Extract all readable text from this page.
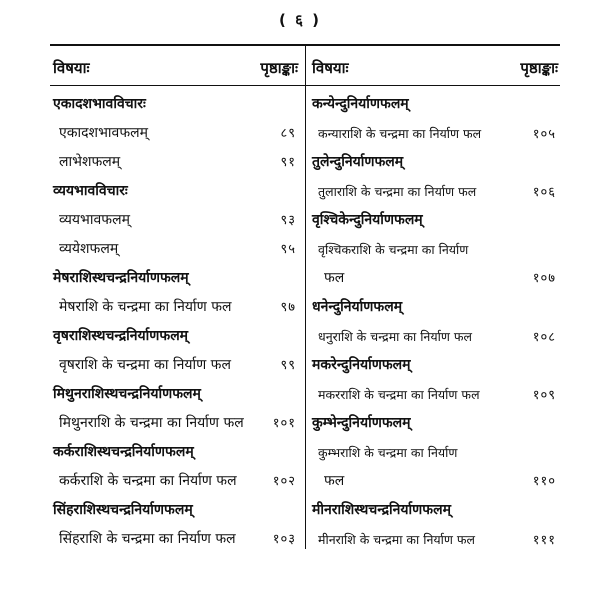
( ६ )
विषयाः	पृष्ठाङ्काः
एकादशभावविचारः
एकादशभावफलम्	८९
लाभेशफलम्	९१
व्ययभावविचारः
व्ययभावफलम्	९३
व्ययेशफलम्	९५
मेषराशिस्थचन्द्रनिर्याणफलम्
मेषराशि के चन्द्रमा का निर्याण फल	९७
वृषराशिस्थचन्द्रनिर्याणफलम्
वृषराशि के चन्द्रमा का निर्याण फल	९९
मिथुनराशिस्थचन्द्रनिर्याणफलम्
मिथुनराशि के चन्द्रमा का निर्याण फल १०१
कर्कराशिस्थचन्द्रनिर्याणफलम्
कर्कराशि के चन्द्रमा का निर्याण फल	१०२
सिंहराशिस्थचन्द्रनिर्याणफलम्
सिंहराशि के चन्द्रमा का निर्याण फल	१०३
विषयाः	पृष्ठाङ्काः
कन्येन्दुनिर्याणफलम्
कन्याराशि के चन्द्रमा का निर्याण फल	१०५
तुलेन्दुनिर्याणफलम्
तुलाराशि के चन्द्रमा का निर्याण फल	१०६
वृश्चिकेन्दुनिर्याणफलम्
वृश्चिकराशि के चन्द्रमा का निर्याण
फल	१०७
धनेन्दुनिर्याणफलम्
धनुराशि के चन्द्रमा का निर्याण फल	१०८
मकरेन्दुनिर्याणफलम्
मकरराशि के चन्द्रमा का निर्याण फल	१०९
कुम्भेन्दुनिर्याणफलम्
कुम्भराशि के चन्द्रमा का निर्याण
फल	११०
मीनराशिस्थचन्द्रनिर्याणफलम्
मीनराशि के चन्द्रमा का निर्याण फल	१११
